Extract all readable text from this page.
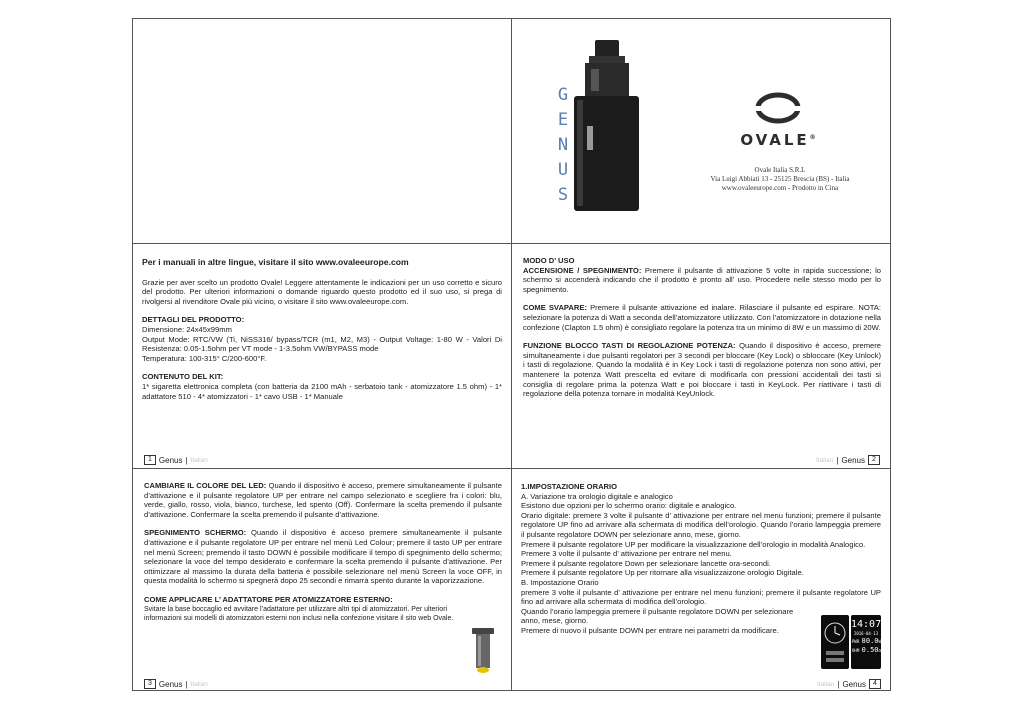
G
E
N
U
S
OVALE®
Ovale Italia S.R.L
Via Luigi Abbiati 13 - 25125 Brescia (BS) - Italia
www.ovaleeurope.com - Prodotto in Cina

Per i manuali in altre lingue, visitare il sito www.ovaleeurope.com

Grazie per aver scelto un prodotto Ovale! Leggere attentamente le indicazioni per un uso corretto e sicuro del prodotto. Per ulteriori informazioni o domande riguardo questo prodotto ed il suo uso, si prega di rivolgersi al rivenditore Ovale più vicino, o visitare il sito www.ovaleeurope.com.

DETTAGLI DEL PRODOTTO:
Dimensione: 24x45x99mm
Output Mode: RTC/VW (Ti, NiSS316/ bypass/TCR (m1, M2, M3) - Output Voltage: 1-80 W - Valori Di Resistenza: 0.05-1.5ohm per VT mode - 1-3.5ohm VW/BYPASS mode

Temperatura: 100-315° C/200-600°F.

CONTENUTO DEL KIT:

1* sigaretta elettronica completa (con batteria da 2100 mAh - serbatoio tank - atomizzatore 1.5 ohm) - 1* adattatore 510 - 4* atomizzatori - 1* cavo USB - 1* Manuale

1 Genus | Italian
MODO D’ USO

ACCENSIONE / SPEGNIMENTO: Premere il pulsante di attivazione 5 volte in rapida successione; lo schermo si accenderà indicando che il prodotto è pronto all’ uso. Procedere nelle stesso modo per lo spegnimento.

COME SVAPARE: Premere il pulsante attivazione ed inalare. Rilasciare il pulsante ed espirare. NOTA: selezionare la potenza di Watt a seconda dell’atomizzatore utilizzato. Con l’atomizzatore in dotazione nella confezione (Clapton 1.5 ohm) è consigliato regolare la potenza tra un minimo di 8W e un massimo di 20W.

FUNZIONE BLOCCO TASTI DI REGOLAZIONE POTENZA: Quando il dispositivo è acceso, premere simultaneamente i due pulsanti regolatori per 3 secondi per bloccare (Key Lock) o sbloccare (Key Unlock) i tasti di regolazione. Quando la modalità è in Key Lock i tasti di regolazione potenza non sono attivi, per mantenere la potenza Watt prescelta ed evitare di modificarla con pressioni accidentali dei tasti si consiglia di regolare prima la potenza Watt e poi bloccare i tasti in KeyLock. Per riattivare i tasti di regolazione della potenza tornare in modalità KeyUnlock.

Italian | Genus	2

CAMBIARE IL COLORE DEL LED: Quando il dispositivo è acceso, premere simultaneamente il pulsante d’attivazione e il pulsante regolatore UP per entrare nel campo selezionato e scegliere fra i colori: blu, verde, giallo, rosso, viola, bianco, turchese, led spento (Off). Confermare la scelta premendo il pulsante d’attivazione. Confermare la scelta premendo il pulsante d’attivazione.

SPEGNIMENTO SCHERMO: Quando il dispositivo è acceso premere simultaneamente il pulsante d’attivazione e il pulsante regolatore UP per entrare nel menù Led Colour; premere il tasto UP per entrare nel menù Screen; premendo il tasto DOWN è possibile modificare il tempo di spegnimento dello schermo; selezionare la voce del tempo desiderato e confermare la scelta premendo il pulsante d’attivazione. Per ottimizzare al massimo la durata della batteria è possibile selezionare nel menù Screen la voce OFF, in questa modalità lo schermo si spegnerà dopo 25 secondi e rimarrà spento durante la vaporizzazione.

COME APPLICARE L’ ADATTATORE PER ATOMIZZATORE ESTERNO:
Svitare la base boccaglio ed avvitare l’adattatore per utilizzare altri tipi di atomizzatori. Per ulteriori informazioni sui modelli di atomizzatori esterni non inclusi nella confezione visitare il sito web Ovale.
3 Genus | Italian
1.IMPOSTAZIONE ORARIO
A. Variazione tra orologio digitale e analogico
Esistono due opzioni per lo schermo orario: digitale e analogico.
Orario digitale: premere 3 volte il pulsante d’ attivazione per entrare nel menu funzioni; premere il pulsante regolatore UP fino ad arrivare alla schermata di modifica dell’orologio. Quando l’orario lampeggia premere il pulsante regolatore DOWN per selezionare anno, mese, giorno.
Premere il pulsante regolatore UP per modificare la visualizzazione dell’orologio in modalità Analogico.
Premere 3 volte il pulsante d’ attivazione per entrare nel menu.
Premere il pulsante regolatore Down per selezionare lancette ora-secondi.
Premere il pulsante regolatore Up per ritornare alla visualizzaizone orologio Digitale.
B. Impostazione Orario
premere 3 volte il pulsante d’ attivazione per entrare nel menu funzioni; premere il pulsante regolatore UP fino ad arrivare alla schermata di modifica dell’orologio.
Quando l’orario lampeggia premere il pulsante regolatore DOWN per selezionare anno, mese, giorno.
Premere di nuovo il pulsante DOWN per entrare nei parametri da modificare.
14:07
2016-04-13
PWR 80.0W
OHM 0.50Ω
Italian | Genus	4
